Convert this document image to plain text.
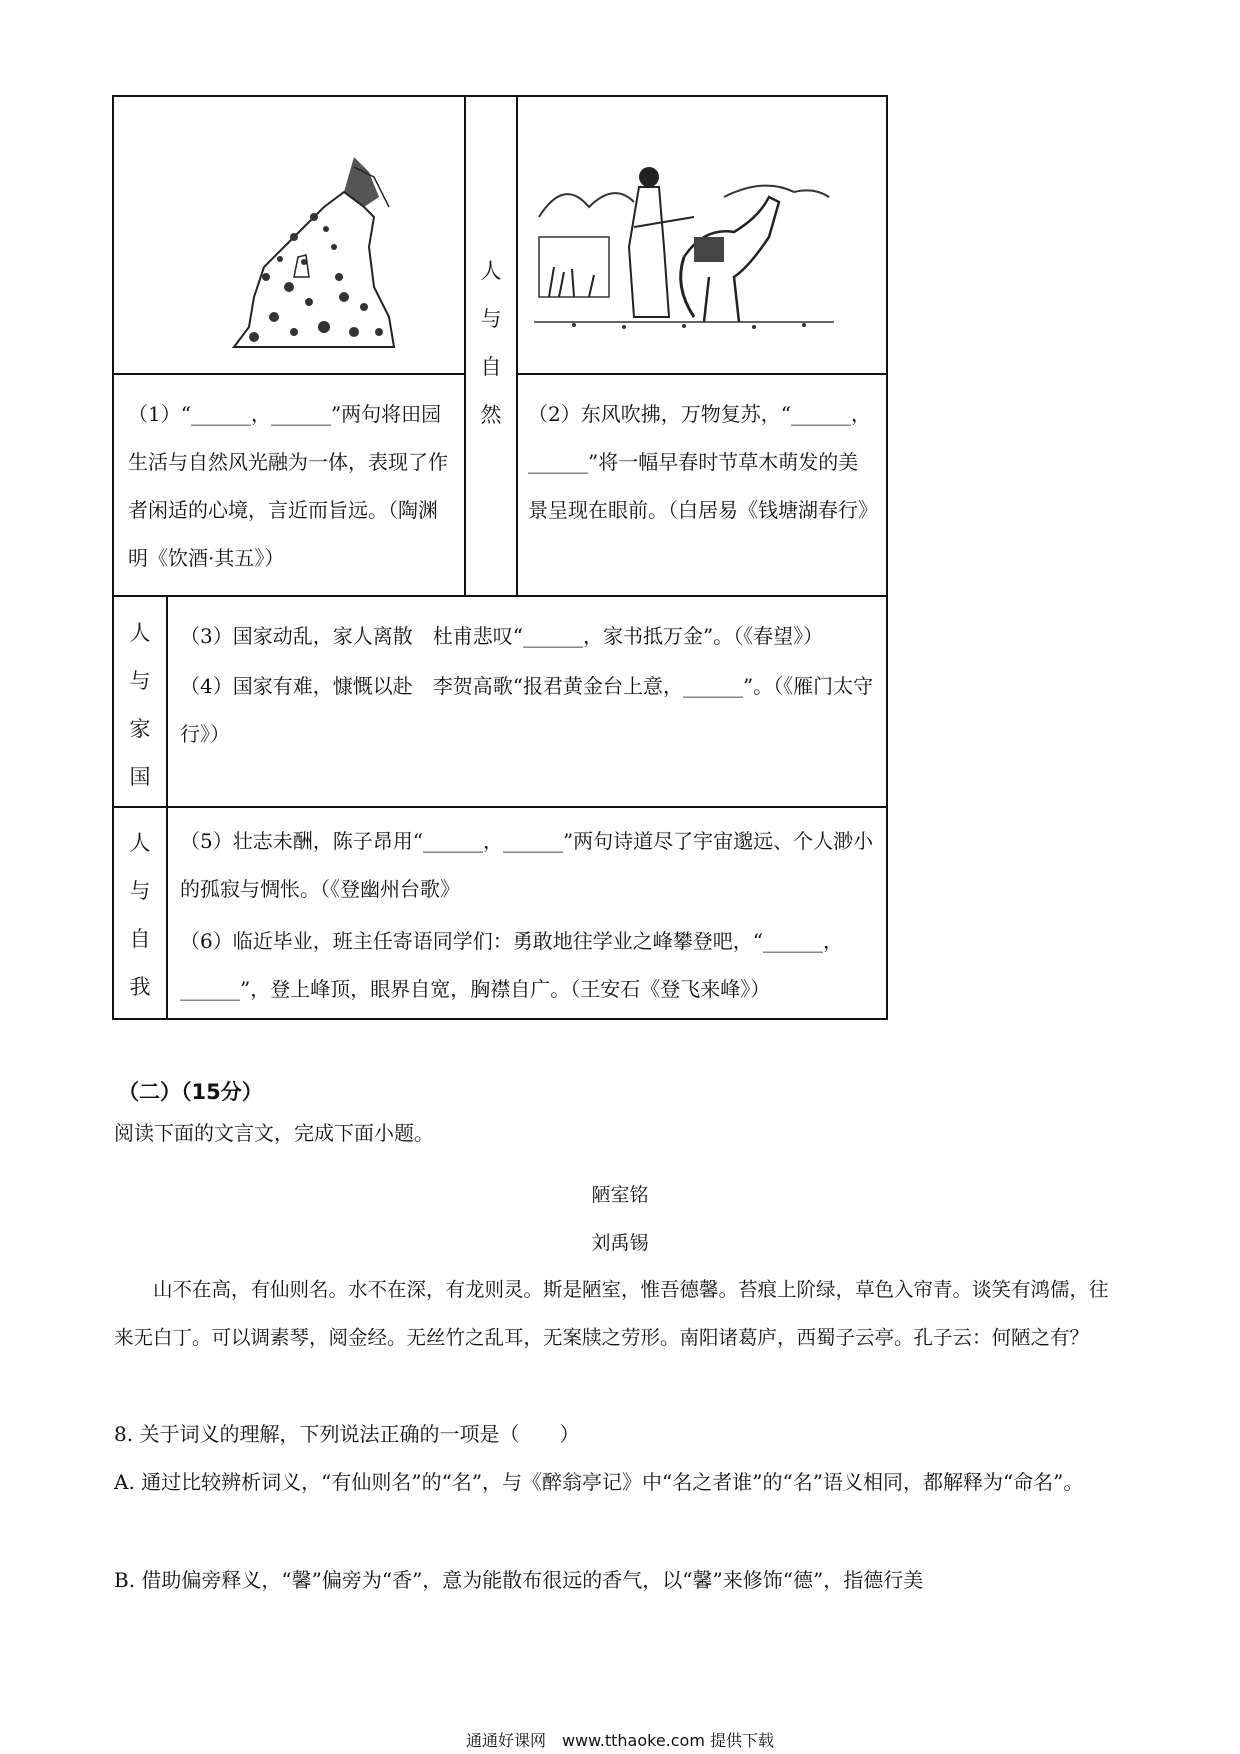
人与自然
（1）“______，______”两句将田园生活与自然风光融为一体，表现了作者闲适的心境，言近而旨远。（陶渊明《饮酒·其五》）
（2）东风吹拂，万物复苏，“______，______”将一幅早春时节草木萌发的美景呈现在眼前。（白居易《钱塘湖春行》
人与家国
（3）国家动乱，家人离散　杜甫悲叹“______，家书抵万金”。（《春望》）
（4）国家有难，慷慨以赴　李贺高歌“报君黄金台上意，______”。（《雁门太守行》）
人与自我
（5）壮志未酬，陈子昂用“______，______”两句诗道尽了宇宙邈远、个人渺小的孤寂与惆怅。（《登幽州台歌》
（6）临近毕业，班主任寄语同学们：勇敢地往学业之峰攀登吧，“______，______”，登上峰顶，眼界自宽，胸襟自广。（王安石《登飞来峰》）
（二）（15分）
阅读下面的文言文，完成下面小题。
陋室铭
刘禹锡
山不在高，有仙则名。水不在深，有龙则灵。斯是陋室，惟吾德馨。苔痕上阶绿，草色入帘青。谈笑有鸿儒，往来无白丁。可以调素琴，阅金经。无丝竹之乱耳，无案牍之劳形。南阳诸葛庐，西蜀子云亭。孔子云：何陋之有？
8. 关于词义的理解，下列说法正确的一项是（　　）
A. 通过比较辨析词义，“有仙则名”的“名”，与《醉翁亭记》中“名之者谁”的“名”语义相同，都解释为“命名”。
B. 借助偏旁释义，“馨”偏旁为“香”，意为能散布很远的香气，以“馨”来修饰“德”，指德行美
通通好课网　www.tthaoke.com 提供下载
